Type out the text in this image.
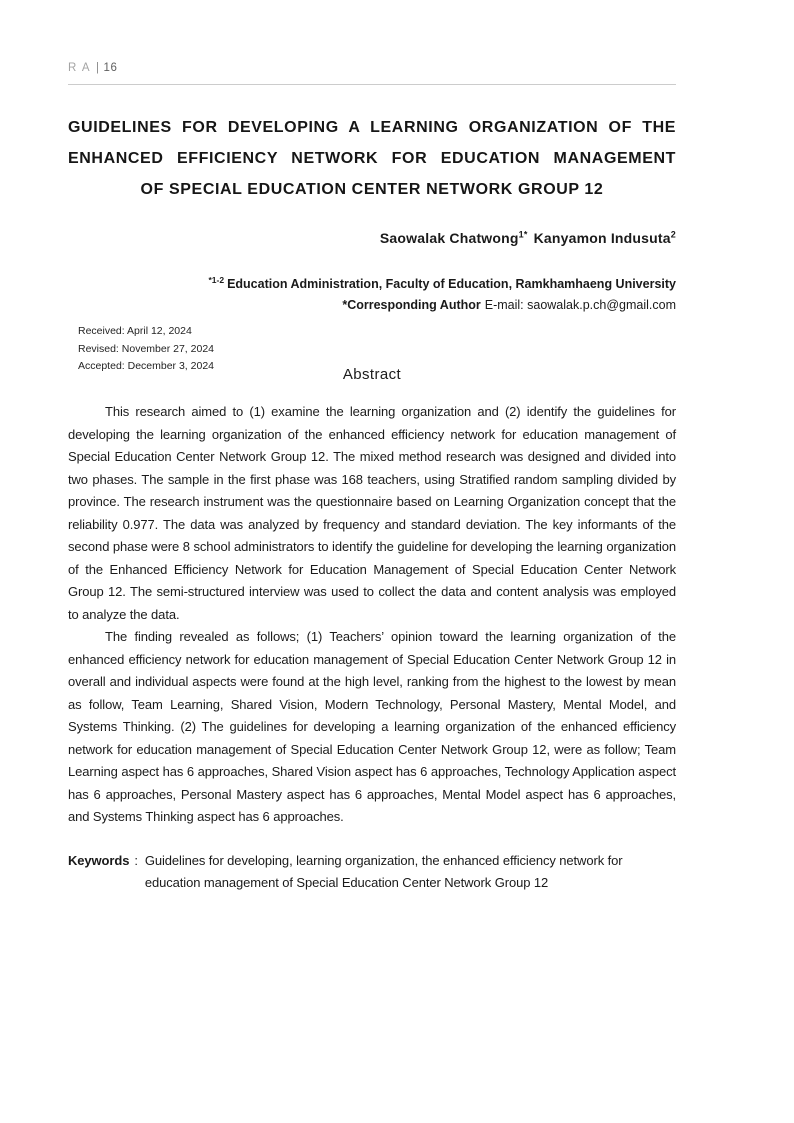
R A | 16
GUIDELINES FOR DEVELOPING A LEARNING ORGANIZATION OF THE
ENHANCED EFFICIENCY NETWORK FOR EDUCATION MANAGEMENT
OF SPECIAL EDUCATION CENTER NETWORK GROUP 12
Saowalak Chatwong$^{1*}$ Kanyamon Indusuta$^2$
$^{*1-2}$ Education Administration, Faculty of Education, Ramkhamhaeng University
*Corresponding Author E-mail: saowalak.p.ch@gmail.com
Received: April 12, 2024
Revised: November 27, 2024
Accepted: December 3, 2024	Abstract

This research aimed to (1) examine the learning organization and (2) identify the guidelines for developing the learning organization of the enhanced efficiency network for education management of Special Education Center Network Group 12. The mixed method research was designed and divided into two phases. The sample in the first phase was 168 teachers, using Stratified random sampling divided by province. The research instrument was the questionnaire based on Learning Organization concept that the reliability 0.977. The data was analyzed by frequency and standard deviation. The key informants of the second phase were 8 school administrators to identify the guideline for developing the learning organization of the Enhanced Efficiency Network for Education Management of Special Education Center Network Group 12. The semi-structured interview was used to collect the data and content analysis was employed to analyze the data.

The finding revealed as follows; (1) Teachers’ opinion toward the learning organization of the enhanced efficiency network for education management of Special Education Center Network Group 12 in overall and individual aspects were found at the high level, ranking from the highest to the lowest by mean as follow, Team Learning, Shared Vision, Modern Technology, Personal Mastery, Mental Model, and Systems Thinking. (2) The guidelines for developing a learning organization of the enhanced efficiency network for education management of Special Education Center Network Group 12, were as follow; Team Learning aspect has 6 approaches, Shared Vision aspect has 6 approaches, Technology Application aspect has 6 approaches, Personal Mastery aspect has 6 approaches, Mental Model aspect has 6 approaches, and Systems Thinking aspect has 6 approaches.

Keywords : Guidelines for developing, learning organization, the enhanced efficiency network for education management of Special Education Center Network Group 12
